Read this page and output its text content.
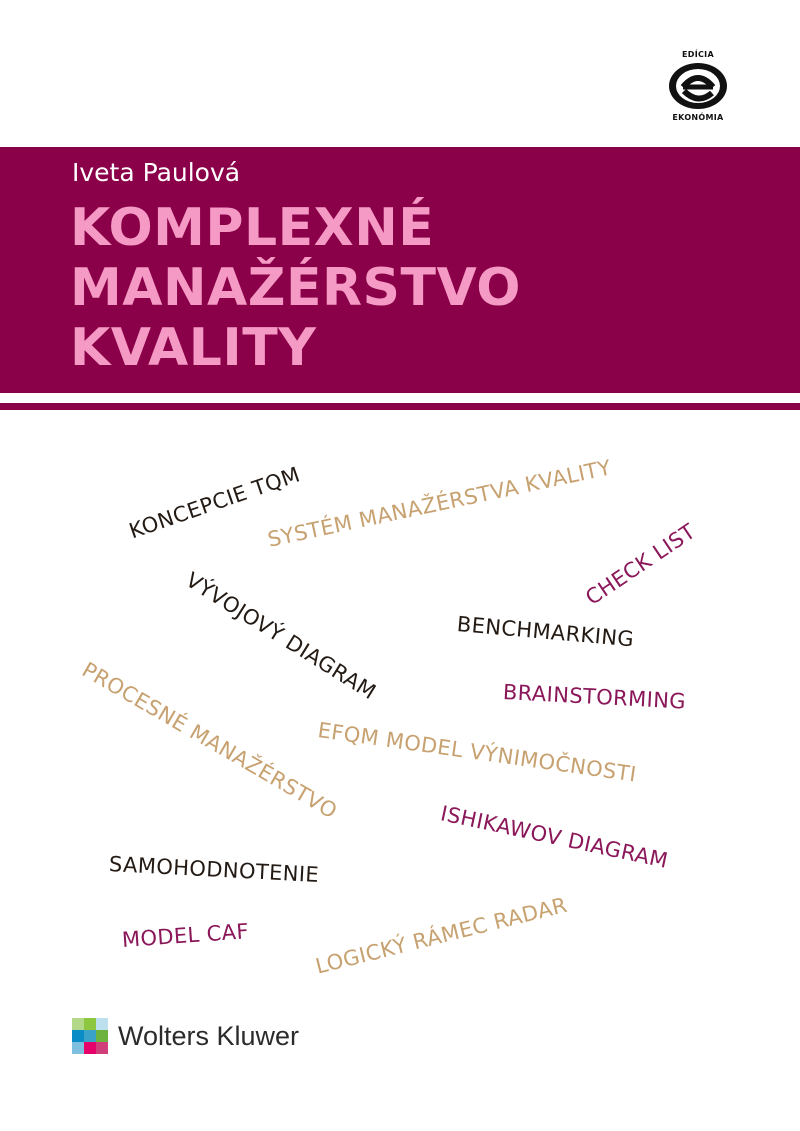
EDÍCIA
EKONÓMIA
Iveta Paulová
KOMPLEXNÉ
MANAŽÉRSTVO
KVALITY
KONCEPCIE TQM
SYSTÉM MANAŽÉRSTVA KVALITY
CHECK LIST
VÝVOJOVÝ DIAGRAM	BENCHMARKING
PROCESNÉ MANAŽÉRSTVO	BRAINSTORMING
EFQM MODEL VÝNIMOČNOSTI
ISHIKAWOV DIAGRAM
SAMOHODNOTENIE
MODEL CAF	LOGICKÝ RÁMEC RADAR
Wolters Kluwer
